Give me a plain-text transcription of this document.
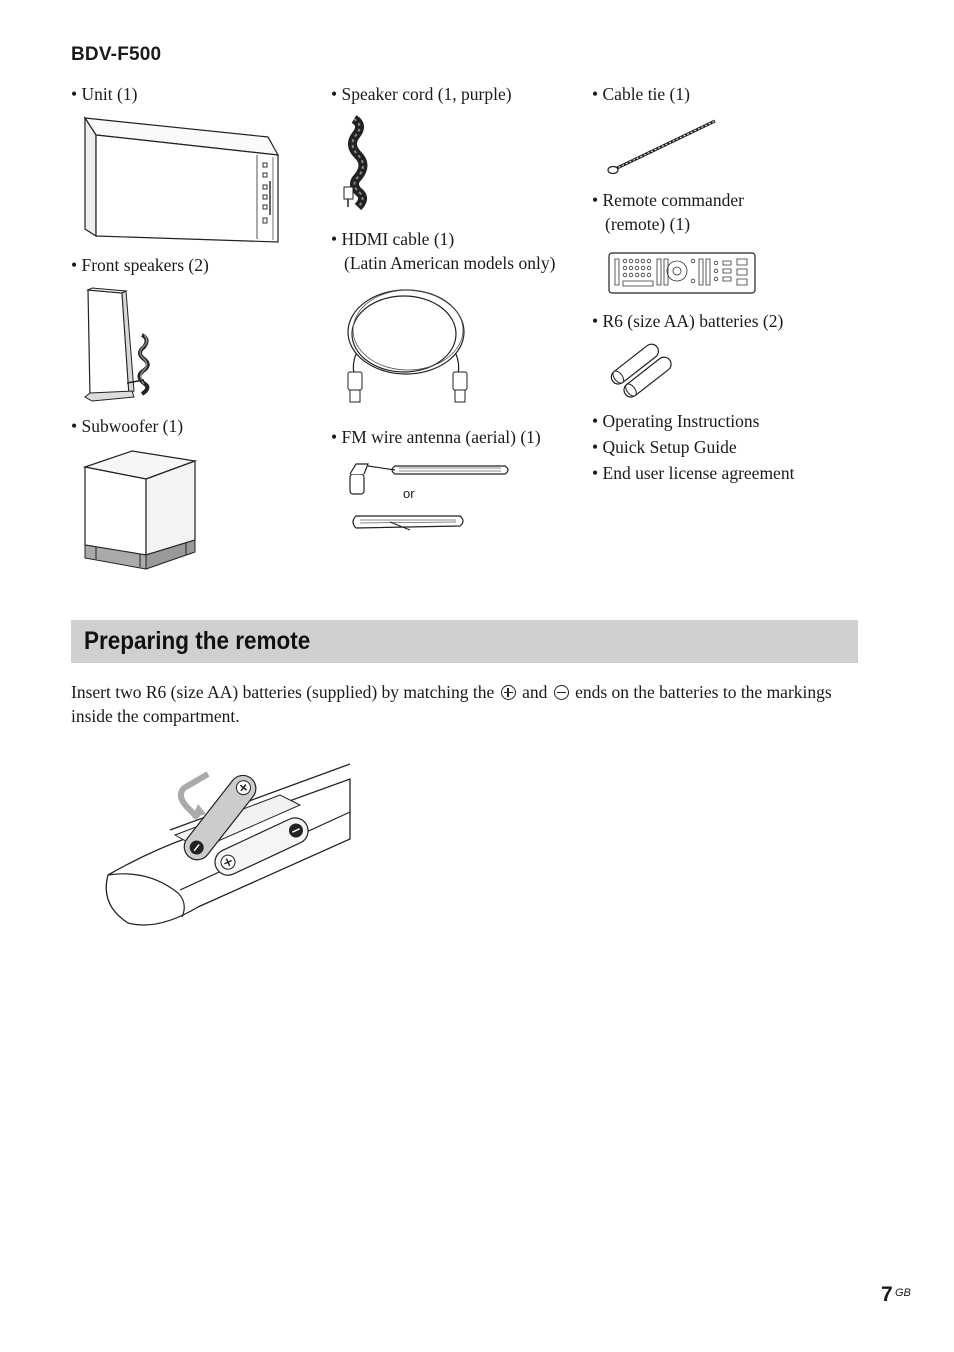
BDV-F500
• Unit (1)
• Front speakers (2)
• Subwoofer (1)
• Speaker cord (1, purple)
• HDMI cable (1)
(Latin American models only)
• FM wire antenna (aerial) (1)
or
• Cable tie (1)
• Remote commander
(remote) (1)
• R6 (size AA) batteries (2)
• Operating Instructions
• Quick Setup Guide
• End user license agreement
Preparing the remote
Insert two R6 (size AA) batteries (supplied) by matching the and ends on the batteries to the markings inside the compartment.
7 GB
